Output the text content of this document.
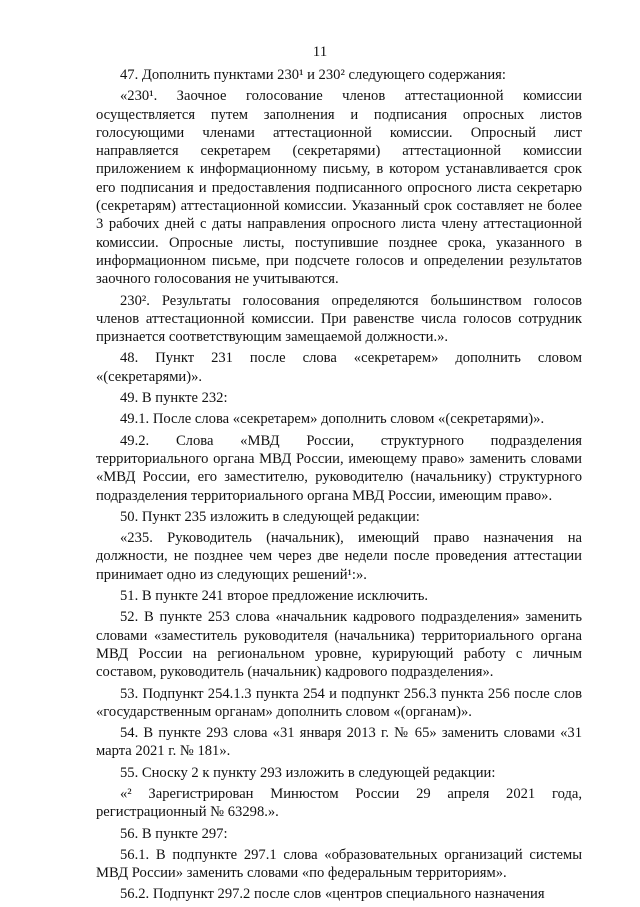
11

47. Дополнить пунктами 230¹ и 230² следующего содержания:

«230¹. Заочное голосование членов аттестационной комиссии осуществляется путем заполнения и подписания опросных листов голосующими членами аттестационной комиссии. Опросный лист направляется секретарем (секретарями) аттестационной комиссии приложением к информационному письму, в котором устанавливается срок его подписания и предоставления подписанного опросного листа секретарю (секретарям) аттестационной комиссии. Указанный срок составляет не более 3 рабочих дней с даты направления опросного листа члену аттестационной комиссии. Опросные листы, поступившие позднее срока, указанного в информационном письме, при подсчете голосов и определении результатов заочного голосования не учитываются.

230². Результаты голосования определяются большинством голосов членов аттестационной комиссии. При равенстве числа голосов сотрудник признается соответствующим замещаемой должности.».

48. Пункт 231 после слова «секретарем» дополнить словом «(секретарями)».

49. В пункте 232:

49.1. После слова «секретарем» дополнить словом «(секретарями)».

49.2. Слова «МВД России, структурного подразделения территориального органа МВД России, имеющему право» заменить словами «МВД России, его заместителю, руководителю (начальнику) структурного подразделения территориального органа МВД России, имеющим право».

50. Пункт 235 изложить в следующей редакции:

«235. Руководитель (начальник), имеющий право назначения на должности, не позднее чем через две недели после проведения аттестации принимает одно из следующих решений¹:».

51. В пункте 241 второе предложение исключить.

52. В пункте 253 слова «начальник кадрового подразделения» заменить словами «заместитель руководителя (начальника) территориального органа МВД России на региональном уровне, курирующий работу с личным составом, руководитель (начальник) кадрового подразделения».

53. Подпункт 254.1.3 пункта 254 и подпункт 256.3 пункта 256 после слов «государственным органам» дополнить словом «(органам)».

54. В пункте 293 слова «31 января 2013 г. № 65» заменить словами «31 марта 2021 г. № 181».

55. Сноску 2 к пункту 293 изложить в следующей редакции:

«² Зарегистрирован Минюстом России 29 апреля 2021 года, регистрационный № 63298.».

56. В пункте 297:

56.1. В подпункте 297.1 слова «образовательных организаций системы МВД России» заменить словами «по федеральным территориям».

56.2. Подпункт 297.2 после слов «центров специального назначения
